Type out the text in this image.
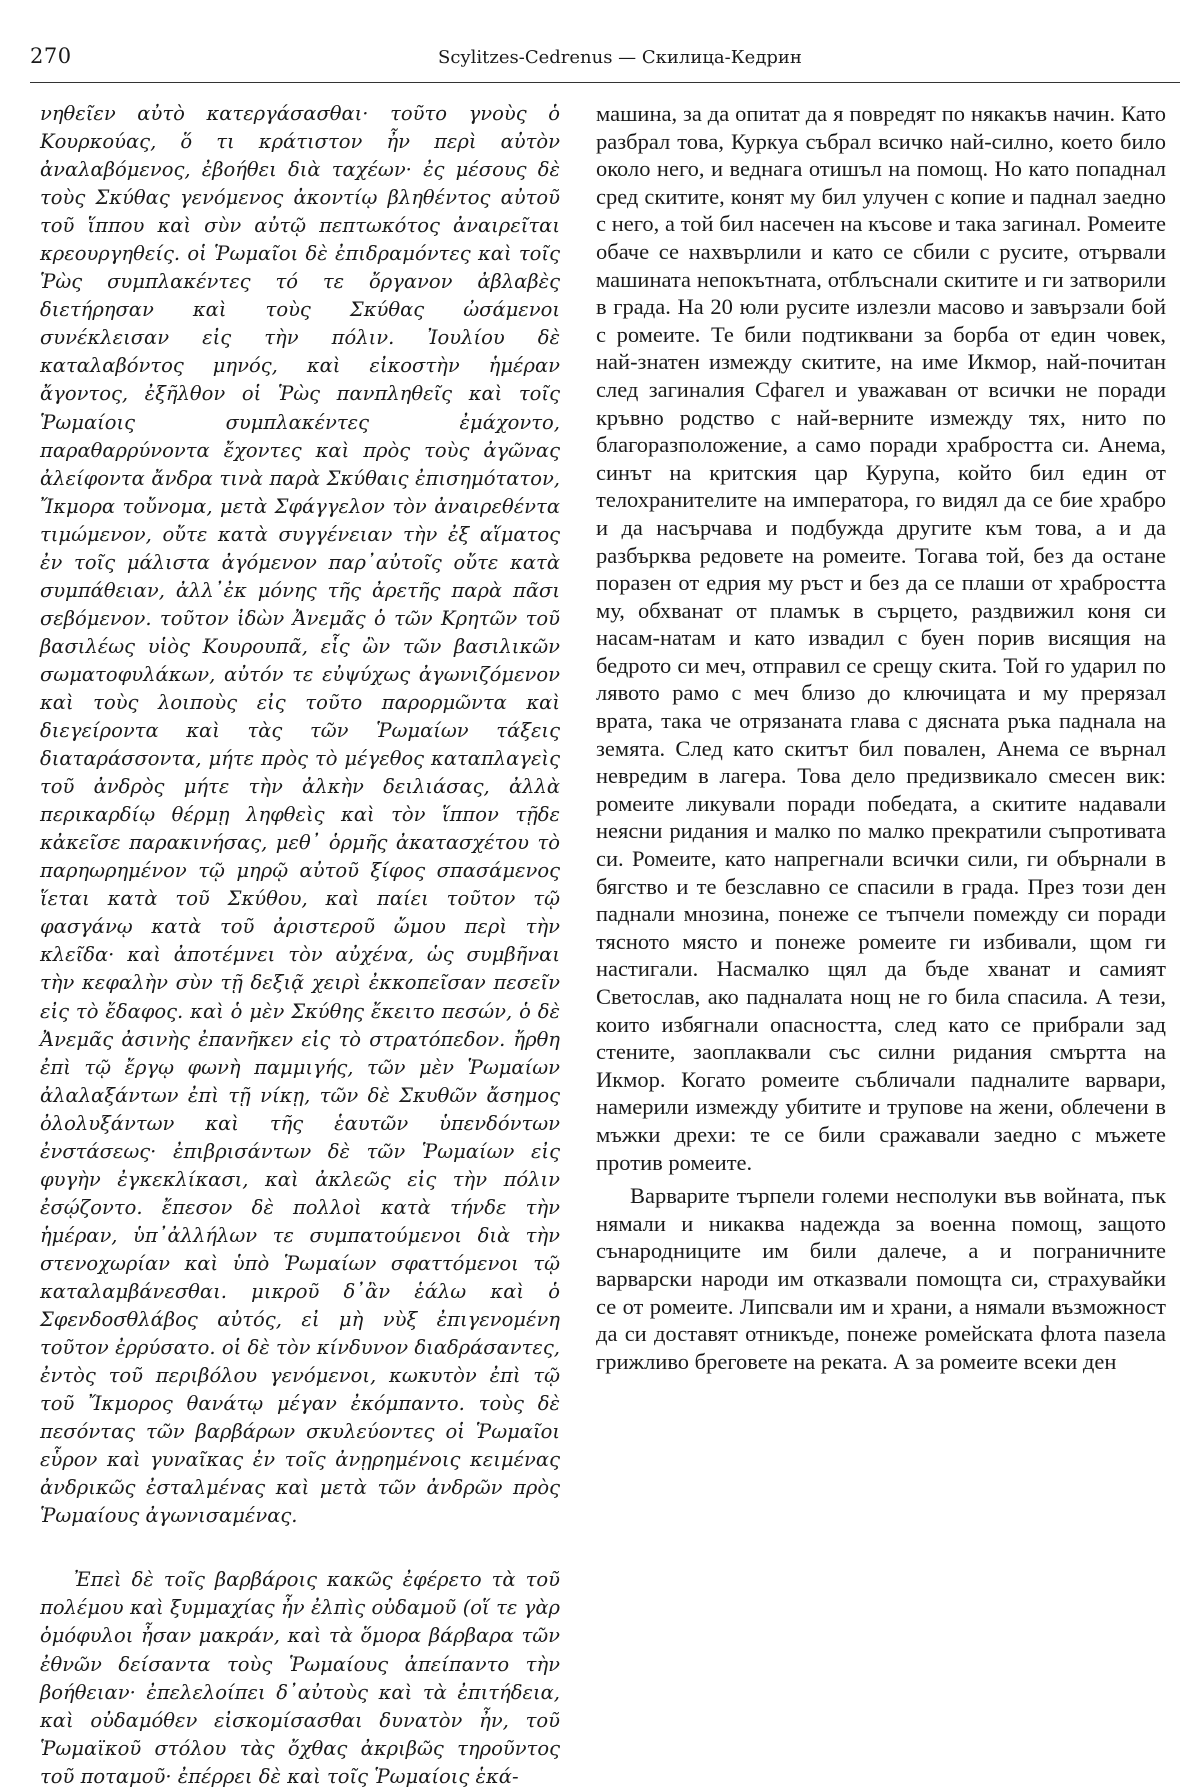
270	Scylitzes-Cedrenus — Скилица-Кедрин

νηθεῖεν αὐτὸ κατεργάσασθαι· τοῦτο γνοὺς ὁ Κουρκούας, ὅ τι κράτιστον ἦν περὶ αὐτὸν ἀναλαβόμενος, ἐβοήθει διὰ ταχέων· ἐς μέσους δὲ τοὺς Σκύθας γενόμενος ἀκοντίῳ βληθέντος αὐτοῦ τοῦ ἵππου καὶ σὺν αὐτῷ πεπτωκότος ἀναιρεῖται κρεουργηθείς. οἱ Ῥωμαῖοι δὲ ἐπιδραμόντες καὶ τοῖς Ῥὼς συμπλακέντες τό τε ὄργανον ἀβλαβὲς διετήρησαν καὶ τοὺς Σκύθας ὠσάμενοι συνέκλεισαν εἰς τὴν πόλιν. Ἰουλίου δὲ καταλαβόντος μηνός, καὶ εἰκοστὴν ἡμέραν ἄγοντος, ἐξῆλθον οἱ Ῥὼς πανπληθεῖς καὶ τοῖς Ῥωμαίοις συμπλακέντες ἐμάχοντο, παραθαρρύνοντα ἔχοντες καὶ πρὸς τοὺς ἀγῶνας ἀλείφοντα ἄνδρα τινὰ παρὰ Σκύθαις ἐπισημότατον, Ἴκμορα τοὔνομα, μετὰ Σφάγγελον τὸν ἀναιρεθέντα τιμώμενον, οὔτε κατὰ συγγένειαν τὴν ἐξ αἵματος ἐν τοῖς μάλιστα ἀγόμενον παρ᾽αὐτοῖς οὔτε κατὰ συμπάθειαν, ἀλλ᾽ἐκ μόνης τῆς ἀρετῆς παρὰ πᾶσι σεβόμενον. τοῦτον ἰδὼν Ἀνεμᾶς ὁ τῶν Κρητῶν τοῦ βασιλέως υἱὸς Κουρουπᾶ, εἷς ὢν τῶν βασιλικῶν σωματοφυλάκων, αὐτόν τε εὐψύχως ἀγωνιζόμενον καὶ τοὺς λοιποὺς εἰς τοῦτο παρορμῶντα καὶ διεγείροντα καὶ τὰς τῶν Ῥωμαίων τάξεις διαταράσσοντα, μήτε πρὸς τὸ μέγεθος καταπλαγεὶς τοῦ ἀνδρὸς μήτε τὴν ἀλκὴν δειλιάσας, ἀλλὰ περικαρδίῳ θέρμῃ ληφθεὶς καὶ τὸν ἵππον τῇδε κἀκεῖσε παρακινήσας, μεθ᾽ ὁρμῆς ἀκατασχέτου τὸ παρηωρημένον τῷ μηρῷ αὐτοῦ ξίφος σπασάμενος ἵεται κατὰ τοῦ Σκύθου, καὶ παίει τοῦτον τῷ φασγάνῳ κατὰ τοῦ ἀριστεροῦ ὤμου περὶ τὴν κλεῖδα· καὶ ἀποτέμνει τὸν αὐχένα, ὡς συμβῆναι τὴν κεφαλὴν σὺν τῇ δεξιᾷ χειρὶ ἐκκοπεῖσαν πεσεῖν εἰς τὸ ἔδαφος. καὶ ὁ μὲν Σκύθης ἔκειτο πεσών, ὁ δὲ Ἀνεμᾶς ἀσινὴς ἐπανῆκεν εἰς τὸ στρατόπεδον. ἤρθη ἐπὶ τῷ ἔργῳ φωνὴ παμμιγής, τῶν μὲν Ῥωμαίων ἀλαλαξάντων ἐπὶ τῇ νίκῃ, τῶν δὲ Σκυθῶν ἄσημος ὀλολυξάντων καὶ τῆς ἑαυτῶν ὑπενδόντων ἐνστάσεως· ἐπιβρισάντων δὲ τῶν Ῥωμαίων εἰς φυγὴν ἐγκεκλίκασι, καὶ ἀκλεῶς εἰς τὴν πόλιν ἐσῴζοντο. ἔπεσον δὲ πολλοὶ κατὰ τήνδε τὴν ἡμέραν, ὑπ᾽ἀλλήλων τε συμπατούμενοι διὰ τὴν στενοχωρίαν καὶ ὑπὸ Ῥωμαίων σφαττόμενοι τῷ καταλαμβάνεσθαι. μικροῦ δ᾽ἂν ἑάλω καὶ ὁ Σφενδοσθλάβος αὐτός, εἰ μὴ νὺξ ἐπιγενομένη τοῦτον ἐρρύσατο. οἱ δὲ τὸν κίνδυνον διαδράσαντες, ἐντὸς τοῦ περιβόλου γενόμενοι, κωκυτὸν ἐπὶ τῷ τοῦ Ἴκμορος θανάτῳ μέγαν ἐκόμπαντο. τοὺς δὲ πεσόντας τῶν βαρβάρων σκυλεύοντες οἱ Ῥωμαῖοι εὗρον καὶ γυναῖκας ἐν τοῖς ἀνῃρημένοις κειμένας ἀνδρικῶς ἐσταλμένας καὶ μετὰ τῶν ἀνδρῶν πρὸς Ῥωμαίους ἀγωνισαμένας.

Ἐπεὶ δὲ τοῖς βαρβάροις κακῶς ἐφέρετο τὰ τοῦ πολέμου καὶ ξυμμαχίας ἦν ἐλπὶς οὐδαμοῦ (οἵ τε γὰρ ὁμόφυλοι ἦσαν μακράν, καὶ τὰ ὅμορα βάρβαρα τῶν ἐθνῶν δείσαντα τοὺς Ῥωμαίους ἀπείπαντο τὴν βοήθειαν· ἐπελελοίπει δ᾽αὐτοὺς καὶ τὰ ἐπιτήδεια, καὶ οὐδαμόθεν εἰσκομίσασθαι δυνατὸν ἦν, τοῦ Ῥωμαϊκοῦ στόλου τὰς ὄχθας ἀκριβῶς τηροῦντος τοῦ ποταμοῦ· ἐπέρρει δὲ καὶ τοῖς Ῥωμαίοις ἑκά-

машина, за да опитат да я повредят по някакъв начин. Като разбрал това, Куркуа събрал всичко най-силно, което било около него, и веднага отишъл на помощ. Но като попаднал сред скитите, конят му бил улучен с копие и паднал заедно с него, а той бил насечен на късове и така загинал. Ромеите обаче се нахвърлили и като се сбили с русите, отървали машината непокътната, отблъснали скитите и ги затворили в града. На 20 юли русите излезли масово и завързали бой с ромеите. Те били подтиквани за борба от един човек, най-знатен измежду скитите, на име Икмор, най-почитан след загиналия Сфагел и уважаван от всички не поради кръвно родство с най-верните измежду тях, нито по благоразположение, а само поради храбростта си. Анема, синът на критския цар Курупа, който бил един от телохранителите на императора, го видял да се бие храбро и да насърчава и подбужда другите към това, а и да разбърква редовете на ромеите. Тогава той, без да остане поразен от едрия му ръст и без да се плаши от храбростта му, обхванат от пламък в сърцето, раздвижил коня си насам-натам и като извадил с буен порив висящия на бедрото си меч, отправил се срещу скита. Той го ударил по лявото рамо с меч близо до ключицата и му прерязал врата, така че отрязаната глава с дясната ръка паднала на земята. След като скитът бил повален, Анема се върнал невредим в лагера. Това дело предизвикало смесен вик: ромеите ликували поради победата, а скитите надавали неясни ридания и малко по малко прекратили съпротивата си. Ромеите, като напрегнали всички сили, ги обърнали в бягство и те безславно се спасили в града. През този ден паднали мнозина, понеже се тъпчели помежду си поради тясното място и понеже ромеите ги избивали, щом ги настигали. Насмалко щял да бъде хванат и самият Светослав, ако падналата нощ не го била спасила. А тези, които избягнали опасността, след като се прибрали зад стените, заоплаквали със силни ридания смъртта на Икмор. Когато ромеите събличали падналите варвари, намерили измежду убитите и трупове на жени, облечени в мъжки дрехи: те се били сражавали заедно с мъжете против ромеите.

Варварите търпели големи несполуки във войната, пък нямали и никаква надежда за военна помощ, защото сънародниците им били далече, а и пограничните варварски народи им отказвали помощта си, страхувайки се от ромеите. Липсвали им и храни, а нямали възможност да си доставят отникъде, понеже ромейската флота пазела грижливо бреговете на реката. А за ромеите всеки ден
